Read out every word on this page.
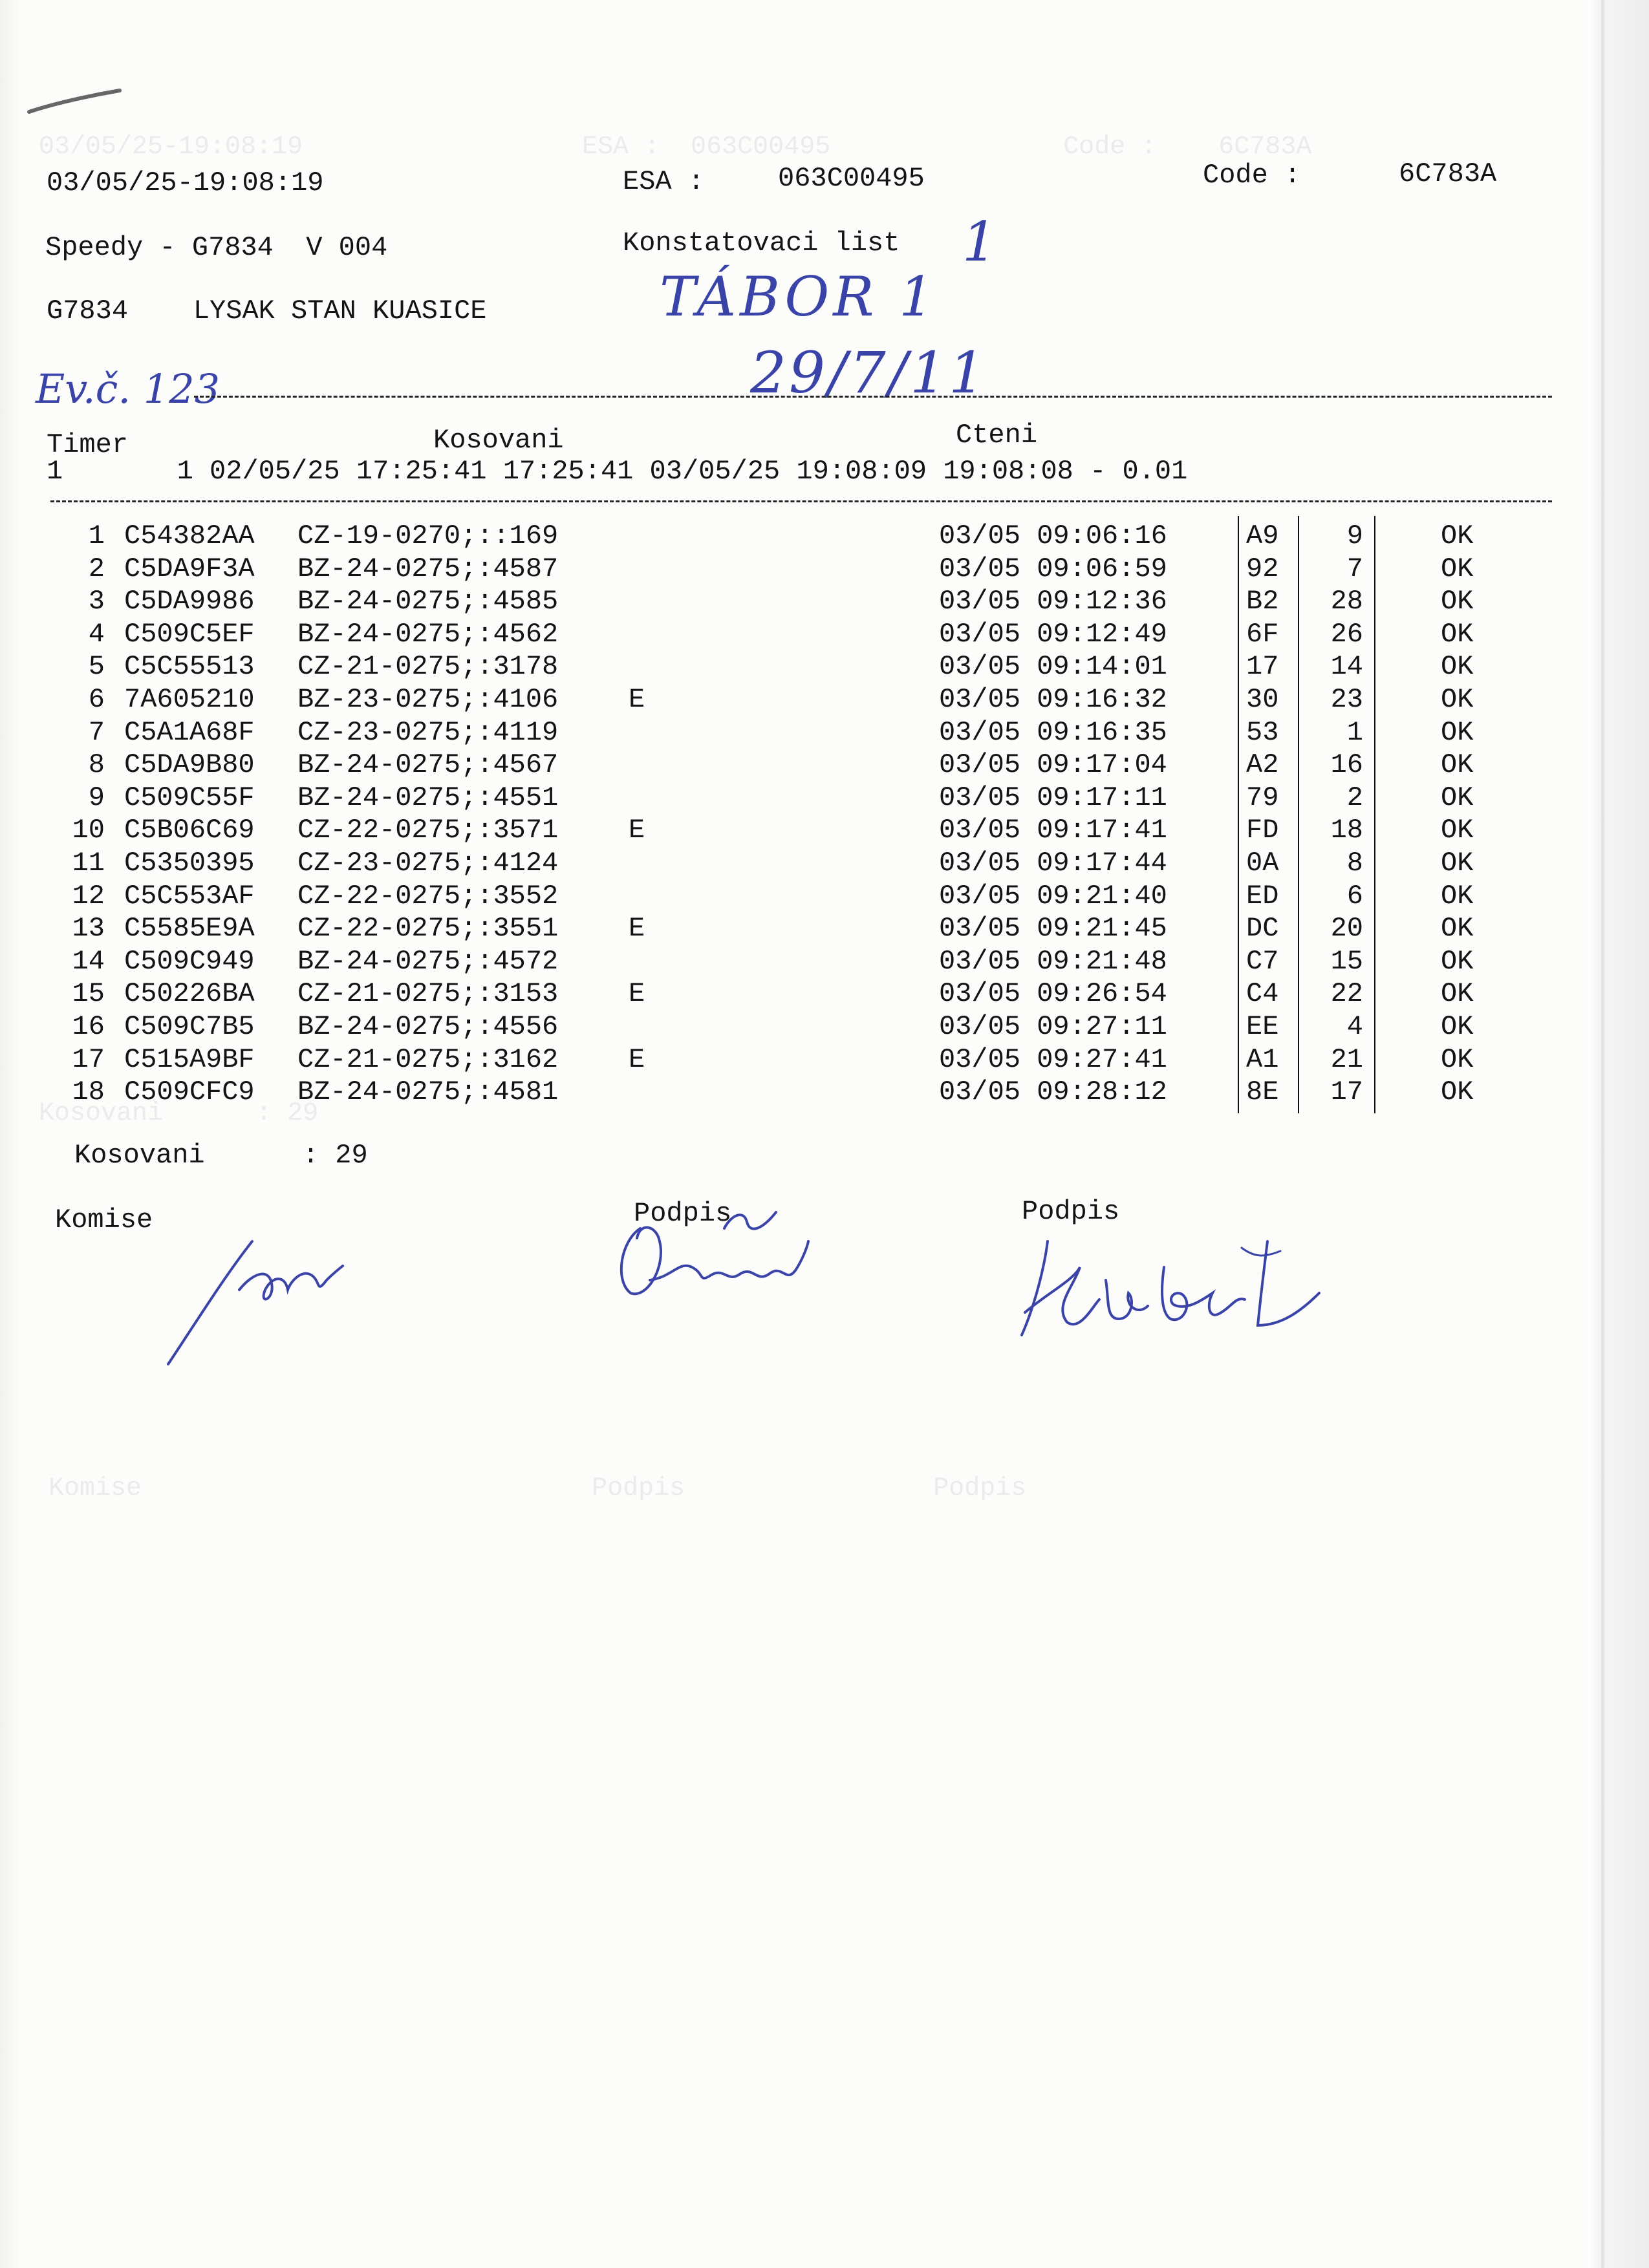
03/05/25-19:08:19                  ESA :  063C00495               Code :    6C783A
Kosovani      : 29
Komise                             Podpis                Podpis
03/05/25-19:08:19	ESA :	063C00495	Code :	6C783A
Speedy - G7834  V 004	Konstatovaci list
G7834    LYSAK STAN KUASICE
1
TÁBOR 1
29/7/11
Ev.č. 123
Timer	Kosovani	Cteni
1       1 02/05/25 17:25:41 17:25:41 03/05/25 19:08:09 19:08:08 - 0.01
1 C54382AA CZ-19-0270;::169	03/05 09:06:16	A9	9	OK
2 C5DA9F3A BZ-24-0275;:4587	03/05 09:06:59	92	7	OK
3 C5DA9986 BZ-24-0275;:4585	03/05 09:12:36	B2	28	OK
4 C509C5EF BZ-24-0275;:4562	03/05 09:12:49	6F	26	OK
5 C5C55513 CZ-21-0275;:3178	03/05 09:14:01	17	14	OK
6 7A605210 BZ-23-0275;:4106	E	03/05 09:16:32	30	23	OK
7 C5A1A68F CZ-23-0275;:4119	03/05 09:16:35	53	1	OK
8 C5DA9B80 BZ-24-0275;:4567	03/05 09:17:04	A2	16	OK
9 C509C55F BZ-24-0275;:4551	03/05 09:17:11	79	2	OK
10 C5B06C69 CZ-22-0275;:3571	E	03/05 09:17:41	FD	18	OK
11 C5350395 CZ-23-0275;:4124	03/05 09:17:44	0A	8	OK
12 C5C553AF CZ-22-0275;:3552	03/05 09:21:40	ED	6	OK
13 C5585E9A CZ-22-0275;:3551	E	03/05 09:21:45	DC	20	OK
14 C509C949 BZ-24-0275;:4572	03/05 09:21:48	C7	15	OK
15 C50226BA CZ-21-0275;:3153	E	03/05 09:26:54	C4	22	OK
16 C509C7B5 BZ-24-0275;:4556	03/05 09:27:11	EE	4	OK
17 C515A9BF CZ-21-0275;:3162	E	03/05 09:27:41	A1	21	OK
18 C509CFC9 BZ-24-0275;:4581	03/05 09:28:12	8E	17	OK
Kosovani      : 29
Komise	Podpis	Podpis
